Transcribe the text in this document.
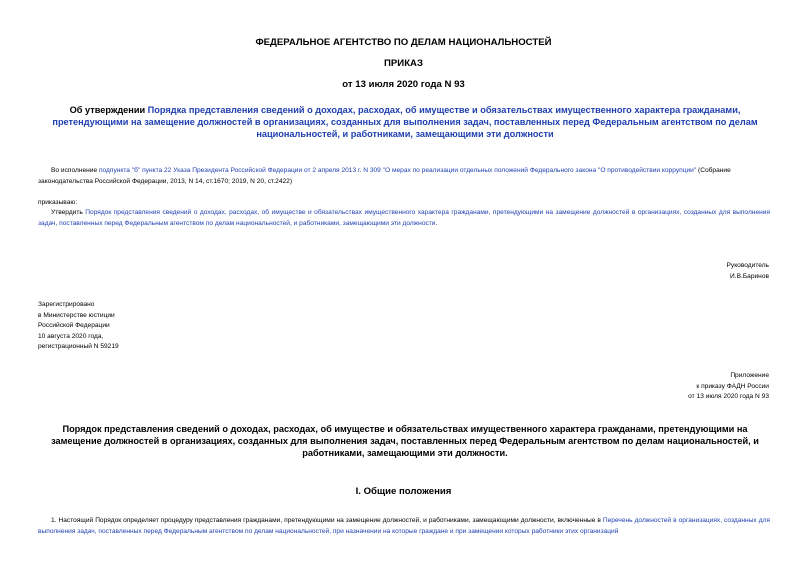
ФЕДЕРАЛЬНОЕ АГЕНТСТВО ПО ДЕЛАМ НАЦИОНАЛЬНОСТЕЙ
ПРИКАЗ
от 13 июля 2020 года N 93

Об утверждении Порядка представления сведений о доходах, расходах, об имуществе и обязательствах имущественного характера гражданами, претендующими на замещение должностей в организациях, созданных для выполнения задач, поставленных перед Федеральным агентством по делам национальностей, и работниками, замещающими эти должности

Во исполнение подпункта "б" пункта 22 Указа Президента Российской Федерации от 2 апреля 2013 г. N 309 "О мерах по реализации отдельных положений Федерального закона "О противодействии коррупции" (Собрание законодательства Российской Федерации, 2013, N 14, ст.1670; 2019, N 20, ст.2422)

приказываю:

Утвердить Порядок представления сведений о доходах, расходах, об имуществе и обязательствах имущественного характера гражданами, претендующими на замещение должностей в организациях, созданных для выполнения задач, поставленных перед Федеральным агентством по делам национальностей, и работниками, замещающими эти должности.

Руководитель
И.В.Баринов
Зарегистрировано
в Министерстве юстиции
Российской Федерации
10 августа 2020 года,
регистрационный N 59219
Приложение
к приказу ФАДН России
от 13 июля 2020 года N 93

Порядок представления сведений о доходах, расходах, об имуществе и обязательствах имущественного характера гражданами, претендующими на замещение должностей в организациях, созданных для выполнения задач, поставленных перед Федеральным агентством по делам национальностей, и работниками, замещающими эти должности.

I. Общие положения

1. Настоящий Порядок определяет процедуру представления гражданами, претендующими на замещение должностей, и работниками, замещающими должности, включенные в Перечень должностей в организациях, созданных для выполнения задач, поставленных перед Федеральным агентством по делам национальностей, при назначении на которые граждане и при замещении которых работники этих организаций
